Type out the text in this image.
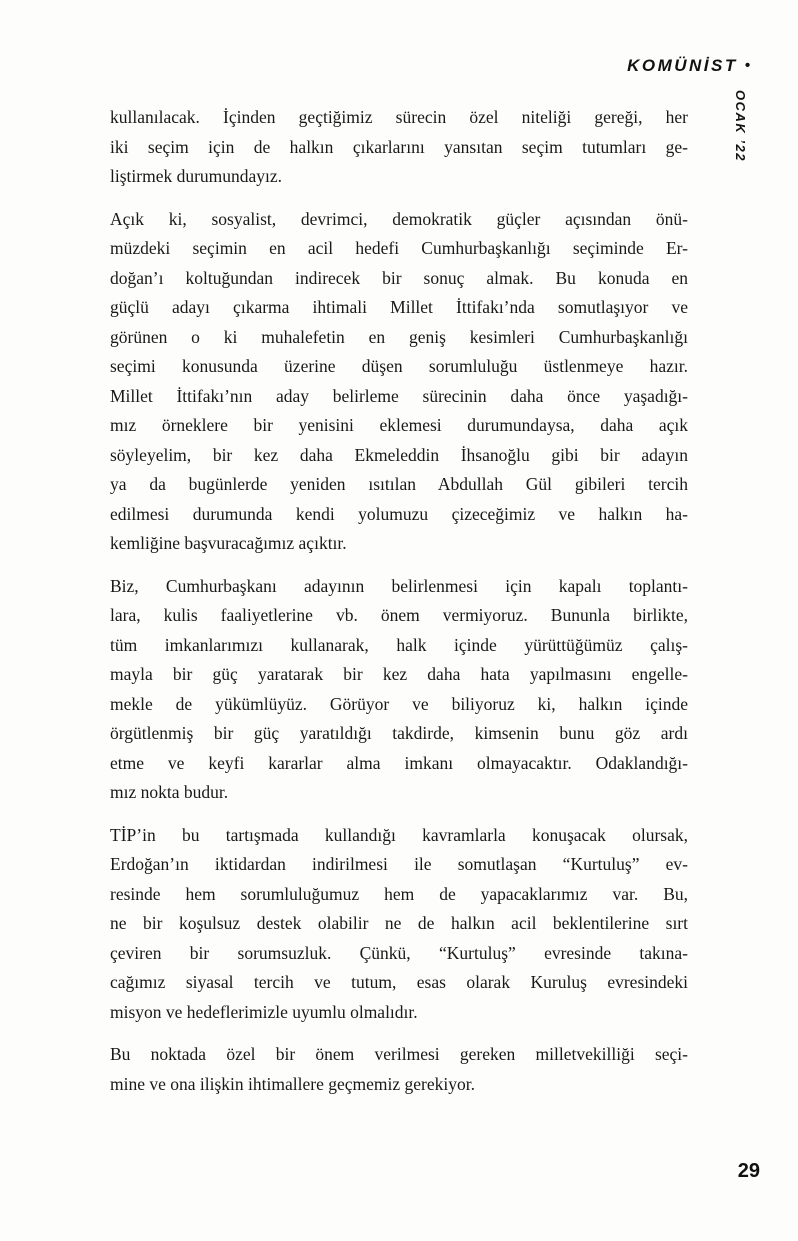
KOMÜNİST •
OCAK ’22

kullanılacak. İçinden geçtiğimiz sürecin özel niteliği gereği, her
iki seçim için de halkın çıkarlarını yansıtan seçim tutumları ge-
liştirmek durumundayız.

Açık ki, sosyalist, devrimci, demokratik güçler açısından önü-
müzdeki seçimin en acil hedefi Cumhurbaşkanlığı seçiminde Er-
doğan’ı koltuğundan indirecek bir sonuç almak. Bu konuda en
güçlü adayı çıkarma ihtimali Millet İttifakı’nda somutlaşıyor ve
görünen o ki muhalefetin en geniş kesimleri Cumhurbaşkanlığı
seçimi konusunda üzerine düşen sorumluluğu üstlenmeye hazır.
Millet İttifakı’nın aday belirleme sürecinin daha önce yaşadığı-
mız örneklere bir yenisini eklemesi durumundaysa, daha açık
söyleyelim, bir kez daha Ekmeleddin İhsanoğlu gibi bir adayın
ya da bugünlerde yeniden ısıtılan Abdullah Gül gibileri tercih
edilmesi durumunda kendi yolumuzu çizeceğimiz ve halkın ha-
kemliğine başvuracağımız açıktır.

Biz, Cumhurbaşkanı adayının belirlenmesi için kapalı toplantı-
lara, kulis faaliyetlerine vb. önem vermiyoruz. Bununla birlikte,
tüm imkanlarımızı kullanarak, halk içinde yürüttüğümüz çalış-
mayla bir güç yaratarak bir kez daha hata yapılmasını engelle-
mekle de yükümlüyüz. Görüyor ve biliyoruz ki, halkın içinde
örgütlenmiş bir güç yaratıldığı takdirde, kimsenin bunu göz ardı
etme ve keyfi kararlar alma imkanı olmayacaktır. Odaklandığı-
mız nokta budur.

TİP’in bu tartışmada kullandığı kavramlarla konuşacak olursak,
Erdoğan’ın iktidardan indirilmesi ile somutlaşan “Kurtuluş” ev-
resinde hem sorumluluğumuz hem de yapacaklarımız var. Bu,
ne bir koşulsuz destek olabilir ne de halkın acil beklentilerine sırt
çeviren bir sorumsuzluk. Çünkü, “Kurtuluş” evresinde takına-
cağımız siyasal tercih ve tutum, esas olarak Kuruluş evresindeki
misyon ve hedeflerimizle uyumlu olmalıdır.

Bu noktada özel bir önem verilmesi gereken milletvekilliği seçi-
mine ve ona ilişkin ihtimallere geçmemiz gerekiyor.

29
